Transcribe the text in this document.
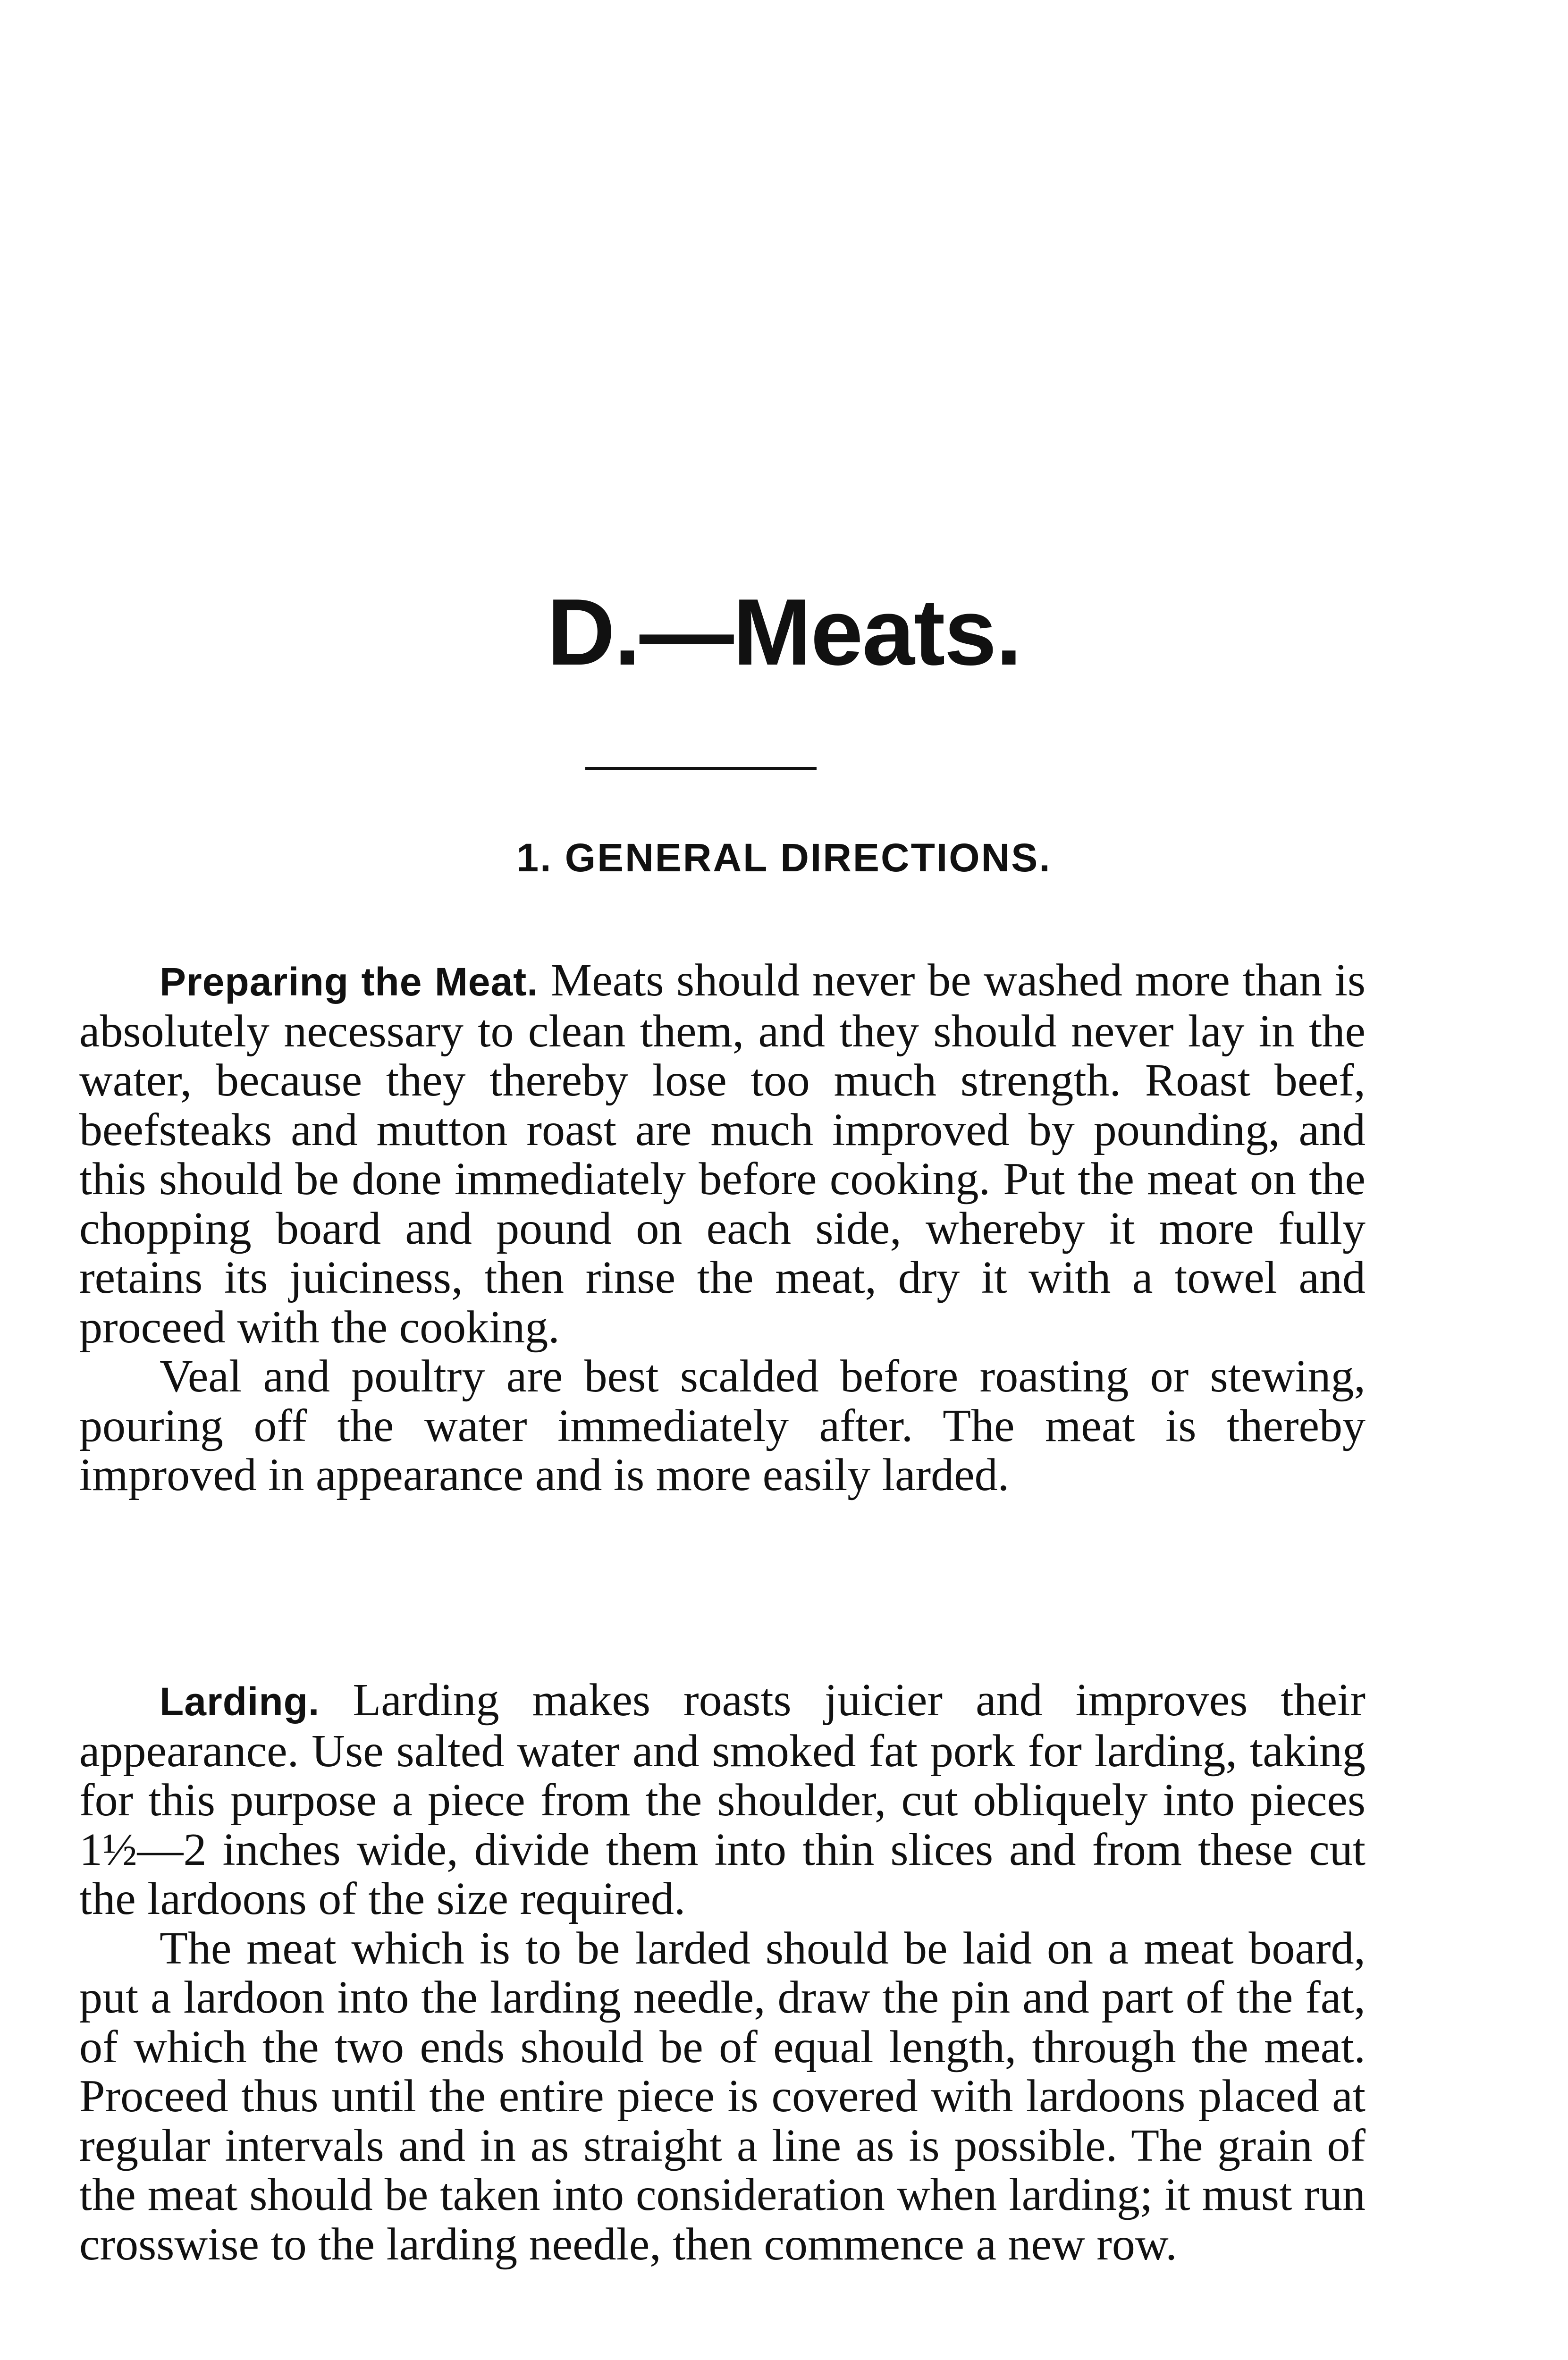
D.—Meats.
1. GENERAL DIRECTIONS.

Preparing the Meat. Meats should never be washed more than is absolutely necessary to clean them, and they should never lay in the water, because they thereby lose too much strength. Roast beef, beefsteaks and mutton roast are much improved by pounding, and this should be done immediately before cooking. Put the meat on the chopping board and pound on each side, whereby it more fully retains its juiciness, then rinse the meat, dry it with a towel and proceed with the cooking.

Veal and poultry are best scalded before roasting or stewing, pouring off the water immediately after. The meat is thereby improved in appearance and is more easily larded.

Larding. Larding makes roasts juicier and improves their appearance. Use salted water and smoked fat pork for larding, taking for this purpose a piece from the shoulder, cut obliquely into pieces 1½—2 inches wide, divide them into thin slices and from these cut the lardoons of the size required.

The meat which is to be larded should be laid on a meat board, put a lardoon into the larding needle, draw the pin and part of the fat, of which the two ends should be of equal length, through the meat. Proceed thus until the entire piece is covered with lardoons placed at regular intervals and in as straight a line as is possible. The grain of the meat should be taken into consideration when larding; it must run crosswise to the larding needle, then commence a new row.
